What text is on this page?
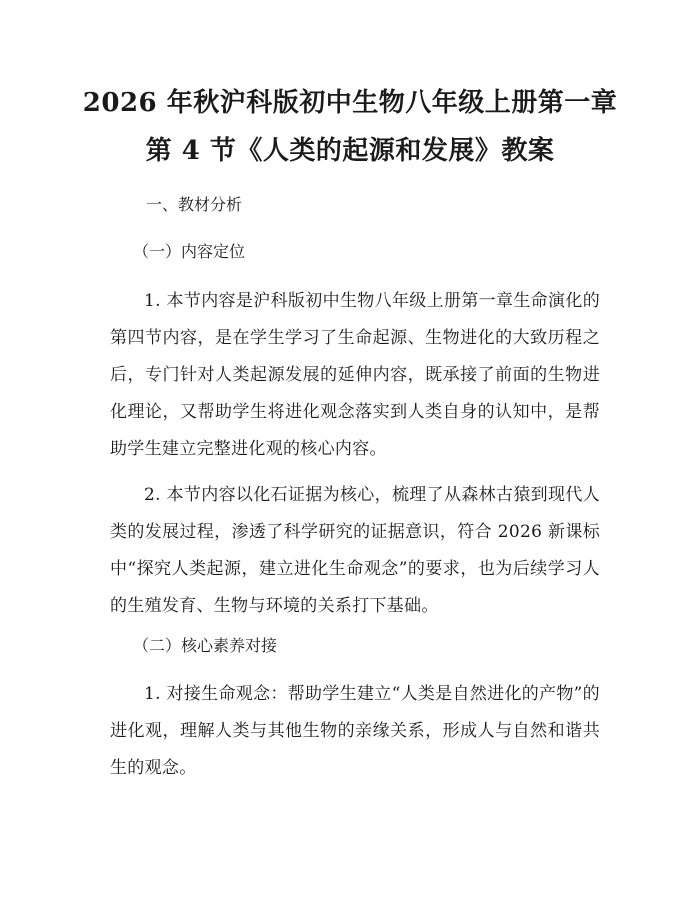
2026 年秋沪科版初中生物八年级上册第一章
第 4 节《人类的起源和发展》教案
一、教材分析
（一）内容定位
1. 本节内容是沪科版初中生物八年级上册第一章生命演化的第四节内容，是在学生学习了生命起源、生物进化的大致历程之后，专门针对人类起源发展的延伸内容，既承接了前面的生物进化理论，又帮助学生将进化观念落实到人类自身的认知中，是帮助学生建立完整进化观的核心内容。
2. 本节内容以化石证据为核心，梳理了从森林古猿到现代人类的发展过程，渗透了科学研究的证据意识，符合 2026 新课标中“探究人类起源，建立进化生命观念”的要求，也为后续学习人的生殖发育、生物与环境的关系打下基础。
（二）核心素养对接
1. 对接生命观念：帮助学生建立“人类是自然进化的产物”的进化观，理解人类与其他生物的亲缘关系，形成人与自然和谐共生的观念。
